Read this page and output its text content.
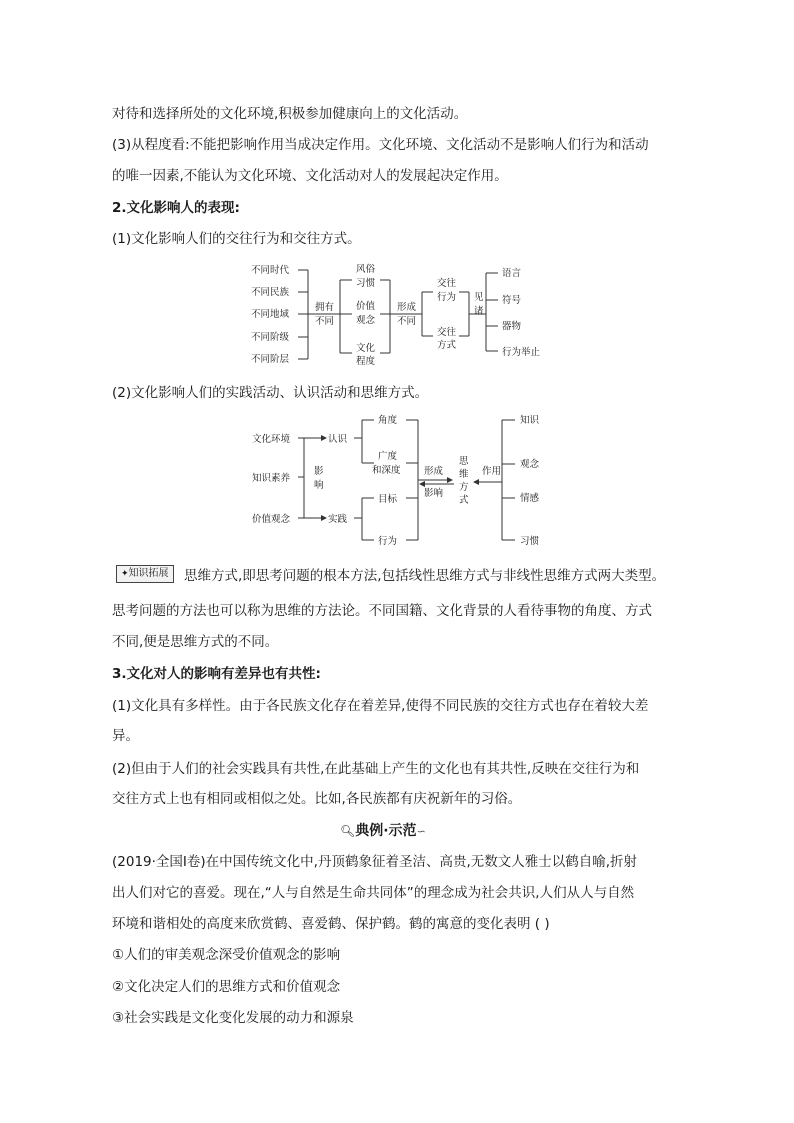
对待和选择所处的文化环境,积极参加健康向上的文化活动。
(3)从程度看:不能把影响作用当成决定作用。文化环境、文化活动不是影响人们行为和活动
的唯一因素,不能认为文化环境、文化活动对人的发展起决定作用。
2.文化影响人的表现:
(1)文化影响人们的交往行为和交往方式。
不同时代
不同民族
不同地域
不同阶级
不同阶层
拥有
不同
风俗
习惯
价值
观念
文化
程度
形成
不同
交往
行为
交往
方式
见
诸
语言
符号
器物
行为举止
(2)文化影响人们的实践活动、认识活动和思维方式。
文化环境
知识素养
价值观念
影
响
认识
实践
角度
广度
和深度
目标
行为
形成
影响
思
维
方
式
作用
知识
观念
情感
习惯
✦知识拓展	思维方式,即思考问题的根本方法,包括线性思维方式与非线性思维方式两大类型。
思考问题的方法也可以称为思维的方法论。不同国籍、文化背景的人看待事物的角度、方式
不同,便是思维方式的不同。
3.文化对人的影响有差异也有共性:
(1)文化具有多样性。由于各民族文化存在着差异,使得不同民族的交往方式也存在着较大差
异。
(2)但由于人们的社会实践具有共性,在此基础上产生的文化也有其共性,反映在交往行为和
交往方式上也有相同或相似之处。比如,各民族都有庆祝新年的习俗。
🔍︎典例·示范∽
(2019·全国Ⅰ卷)在中国传统文化中,丹顶鹤象征着圣洁、高贵,无数文人雅士以鹤自喻,折射
出人们对它的喜爱。现在,“人与自然是生命共同体”的理念成为社会共识,人们从人与自然
环境和谐相处的高度来欣赏鹤、喜爱鹤、保护鹤。鹤的寓意的变化表明 ( )
①人们的审美观念深受价值观念的影响
②文化决定人们的思维方式和价值观念
③社会实践是文化变化发展的动力和源泉
